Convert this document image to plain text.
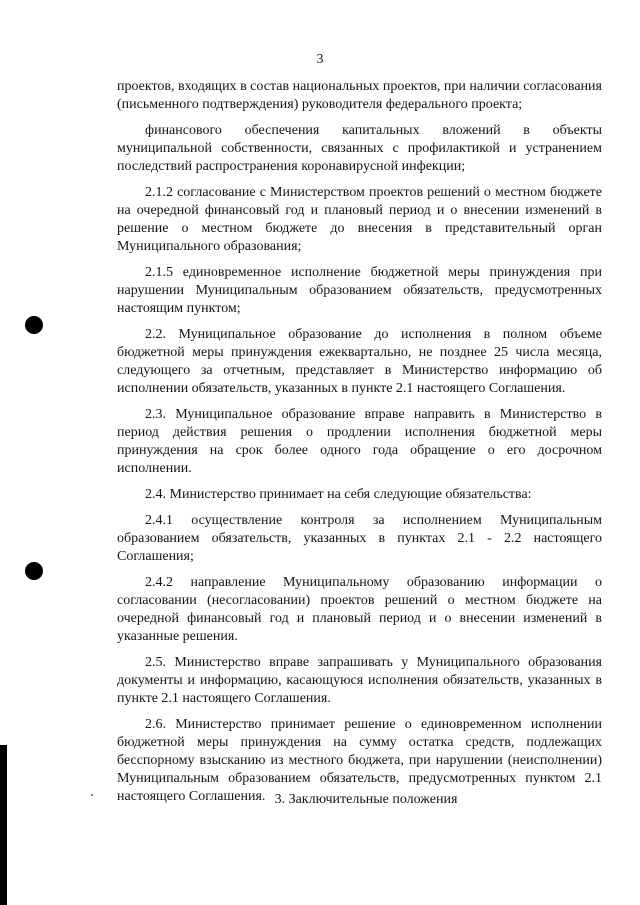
3

проектов, входящих в состав национальных проектов, при наличии согласования (письменного подтверждения) руководителя федерального проекта;

финансового обеспечения капитальных вложений в объекты муниципальной собственности, связанных с профилактикой и устранением последствий распространения коронавирусной инфекции;

2.1.2 согласование с Министерством проектов решений о местном бюджете на очередной финансовый год и плановый период и о внесении изменений в решение о местном бюджете до внесения в представительный орган Муниципального образования;

2.1.5 единовременное исполнение бюджетной меры принуждения при нарушении Муниципальным образованием обязательств, предусмотренных настоящим пунктом;

2.2. Муниципальное образование до исполнения в полном объеме бюджетной меры принуждения ежеквартально, не позднее 25 числа месяца, следующего за отчетным, представляет в Министерство информацию об исполнении обязательств, указанных в пункте 2.1 настоящего Соглашения.

2.3. Муниципальное образование вправе направить в Министерство в период действия решения о продлении исполнения бюджетной меры принуждения на срок более одного года обращение о его досрочном исполнении.

2.4. Министерство принимает на себя следующие обязательства:

2.4.1 осуществление контроля за исполнением Муниципальным образованием обязательств, указанных в пунктах 2.1 - 2.2 настоящего Соглашения;

2.4.2 направление Муниципальному образованию информации о согласовании (несогласовании) проектов решений о местном бюджете на очередной финансовый год и плановый период и о внесении изменений в указанные решения.

2.5. Министерство вправе запрашивать у Муниципального образования документы и информацию, касающуюся исполнения обязательств, указанных в пункте 2.1 настоящего Соглашения.

2.6. Министерство принимает решение о единовременном исполнении бюджетной меры принуждения на сумму остатка средств, подлежащих бесспорному взысканию из местного бюджета, при нарушении (неисполнении) Муниципальным образованием обязательств, предусмотренных пунктом 2.1 настоящего Соглашения. 3. Заключительные положения
